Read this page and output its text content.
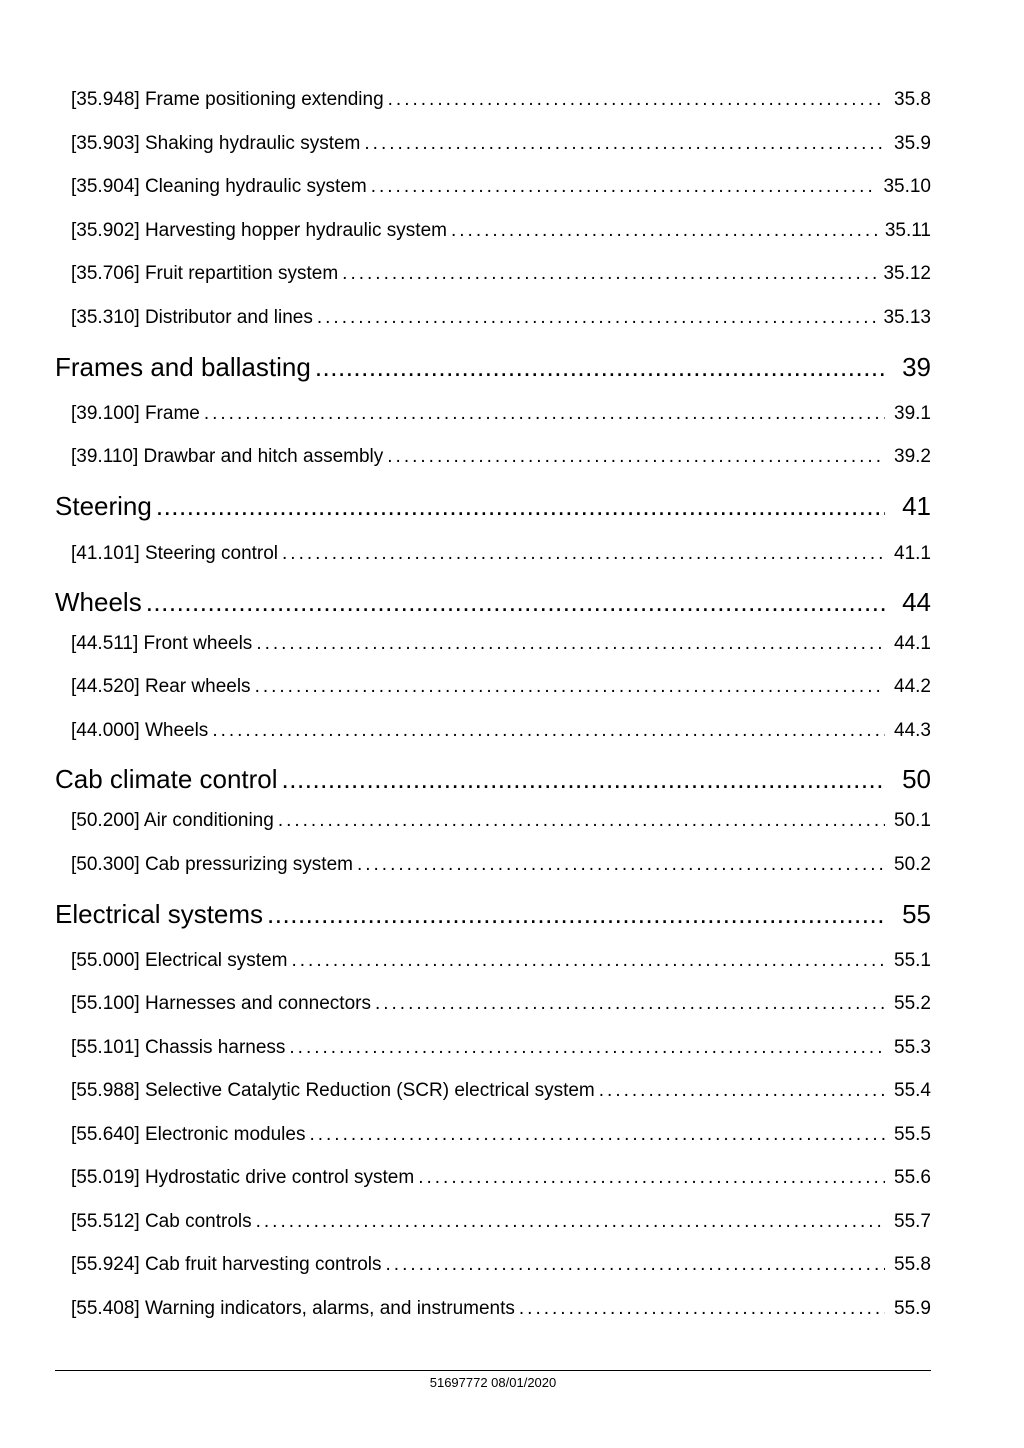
[35.948] Frame positioning extending .....	35.8
[35.903] Shaking hydraulic system .....	35.9
[35.904] Cleaning hydraulic system .....	35.10
[35.902] Harvesting hopper hydraulic system .....	35.11
[35.706] Fruit repartition system .....	35.12
[35.310] Distributor and lines .....	35.13
Frames and ballasting .....	39
[39.100] Frame .....	39.1
[39.110] Drawbar and hitch assembly .....	39.2
Steering .....	41
[41.101] Steering control .....	41.1
Wheels .....	44
[44.511] Front wheels .....	44.1
[44.520] Rear wheels .....	44.2
[44.000] Wheels .....	44.3
Cab climate control .....	50
[50.200] Air conditioning .....	50.1
[50.300] Cab pressurizing system .....	50.2
Electrical systems .....	55
[55.000] Electrical system .....	55.1
[55.100] Harnesses and connectors .....	55.2
[55.101] Chassis harness .....	55.3
[55.988] Selective Catalytic Reduction (SCR) electrical system .....	55.4
[55.640] Electronic modules .....	55.5
[55.019] Hydrostatic drive control system .....	55.6
[55.512] Cab controls .....	55.7
[55.924] Cab fruit harvesting controls .....	55.8
[55.408] Warning indicators, alarms, and instruments .....	55.9
51697772 08/01/2020
